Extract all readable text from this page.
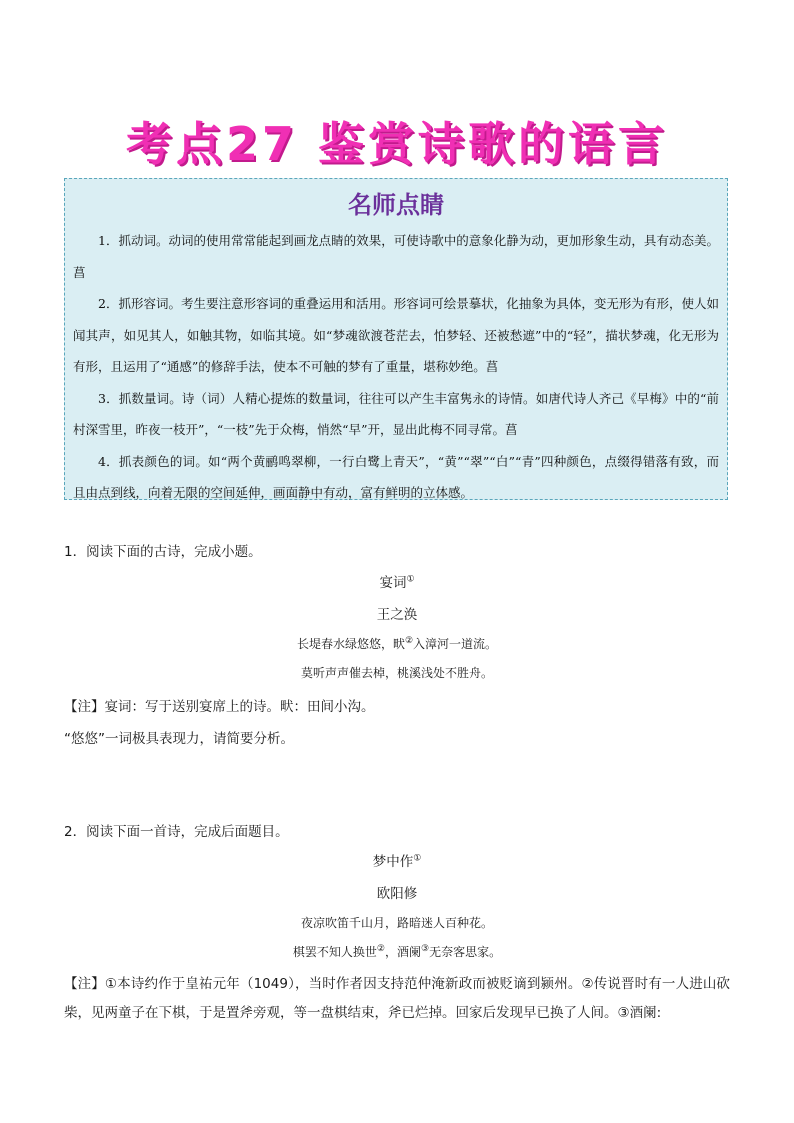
考点27 鉴赏诗歌的语言
名师点睛

1．抓动词。动词的使用常常能起到画龙点睛的效果，可使诗歌中的意象化静为动，更加形象生动，具有动态美。菖

2．抓形容词。考生要注意形容词的重叠运用和活用。形容词可绘景摹状，化抽象为具体，变无形为有形，使人如闻其声，如见其人，如触其物，如临其境。如“梦魂欲渡苍茫去，怕梦轻、还被愁遮”中的“轻”，描状梦魂，化无形为有形，且运用了“通感”的修辞手法，使本不可触的梦有了重量，堪称妙绝。菖

3．抓数量词。诗（词）人精心提炼的数量词，往往可以产生丰富隽永的诗情。如唐代诗人齐己《早梅》中的“前村深雪里，昨夜一枝开”，“一枝”先于众梅，悄然“早”开，显出此梅不同寻常。菖

4．抓表颜色的词。如“两个黄鹂鸣翠柳，一行白鹭上青天”，“黄”“翠”“白”“青”四种颜色，点缀得错落有致，而且由点到线，向着无限的空间延伸，画面静中有动，富有鲜明的立体感。

1．阅读下面的古诗，完成小题。
宴词①
王之涣
长堤春水绿悠悠，畎②入漳河一道流。
莫听声声催去棹，桃溪浅处不胜舟。
【注】宴词：写于送别宴席上的诗。畎：田间小沟。
“悠悠”一词极具表现力，请简要分析。
2．阅读下面一首诗，完成后面题目。
梦中作①
欧阳修
夜凉吹笛千山月，路暗迷人百种花。
棋罢不知人换世②，酒阑③无奈客思家。
【注】①本诗约作于皇祐元年（1049），当时作者因支持范仲淹新政而被贬谪到颍州。②传说晋时有一人进山砍柴，见两童子在下棋，于是置斧旁观，等一盘棋结束，斧已烂掉。回家后发现早已换了人间。③酒阑:
